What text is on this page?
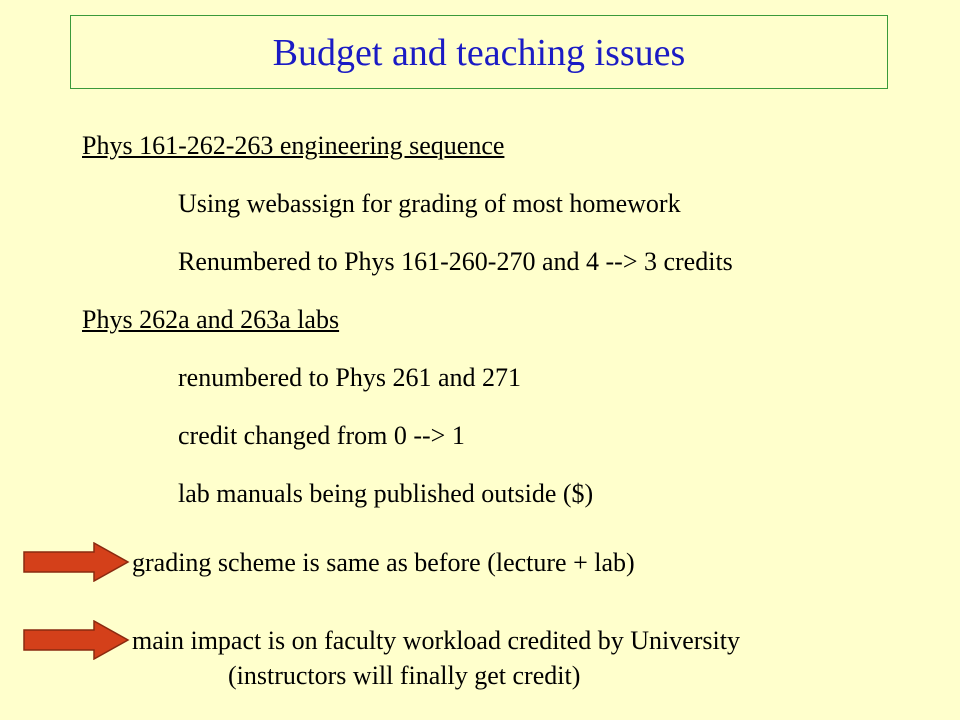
Budget and teaching issues
Phys 161-262-263 engineering sequence
Using webassign for grading of most homework
Renumbered to Phys 161-260-270 and 4 --> 3 credits
Phys 262a and 263a labs
renumbered to Phys 261 and 271
credit changed from 0 --> 1
lab manuals being published outside ($)
grading scheme is same as before (lecture + lab)
main impact is on faculty workload credited by University
(instructors will finally get credit)
